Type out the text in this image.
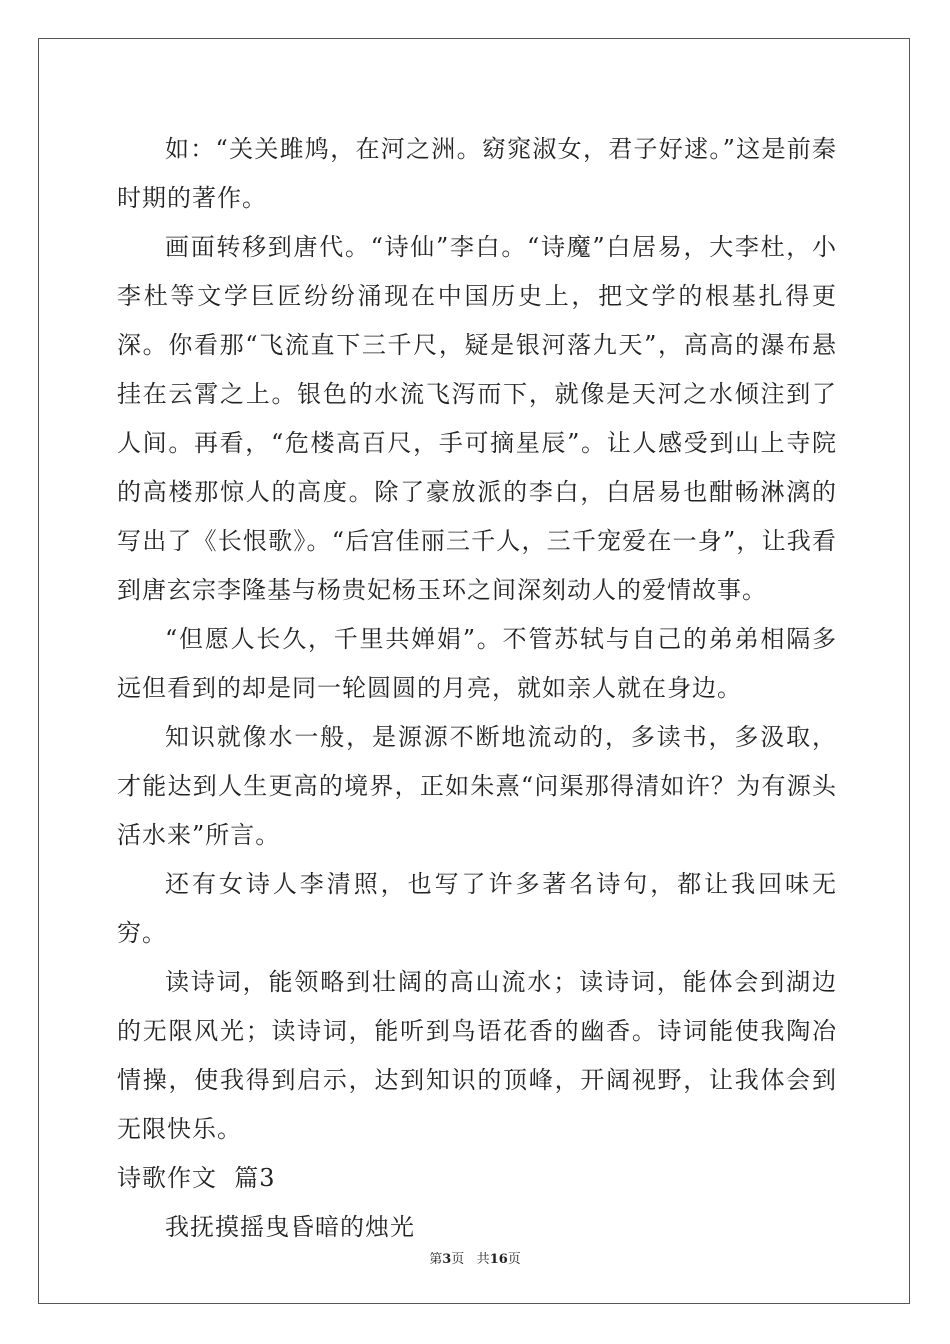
如：“关关雎鸠，在河之洲。窈窕淑女，君子好逑。”这是前秦时期的著作。

画面转移到唐代。“诗仙”李白。“诗魔”白居易，大李杜，小李杜等文学巨匠纷纷涌现在中国历史上，把文学的根基扎得更深。你看那“飞流直下三千尺，疑是银河落九天”，高高的瀑布悬挂在云霄之上。银色的水流飞泻而下，就像是天河之水倾注到了人间。再看，“危楼高百尺，手可摘星辰”。让人感受到山上寺院的高楼那惊人的高度。除了豪放派的李白，白居易也酣畅淋漓的写出了《长恨歌》。“后宫佳丽三千人，三千宠爱在一身”，让我看到唐玄宗李隆基与杨贵妃杨玉环之间深刻动人的爱情故事。

“但愿人长久，千里共婵娟”。不管苏轼与自己的弟弟相隔多远但看到的却是同一轮圆圆的月亮，就如亲人就在身边。

知识就像水一般，是源源不断地流动的，多读书，多汲取，才能达到人生更高的境界，正如朱熹“问渠那得清如许？为有源头活水来”所言。

还有女诗人李清照，也写了许多著名诗句，都让我回味无穷。

读诗词，能领略到壮阔的高山流水；读诗词，能体会到湖边的无限风光；读诗词，能听到鸟语花香的幽香。诗词能使我陶冶情操，使我得到启示，达到知识的顶峰，开阔视野，让我体会到无限快乐。

诗歌作文  篇3

我抚摸摇曳昏暗的烛光

第3页 共16页
